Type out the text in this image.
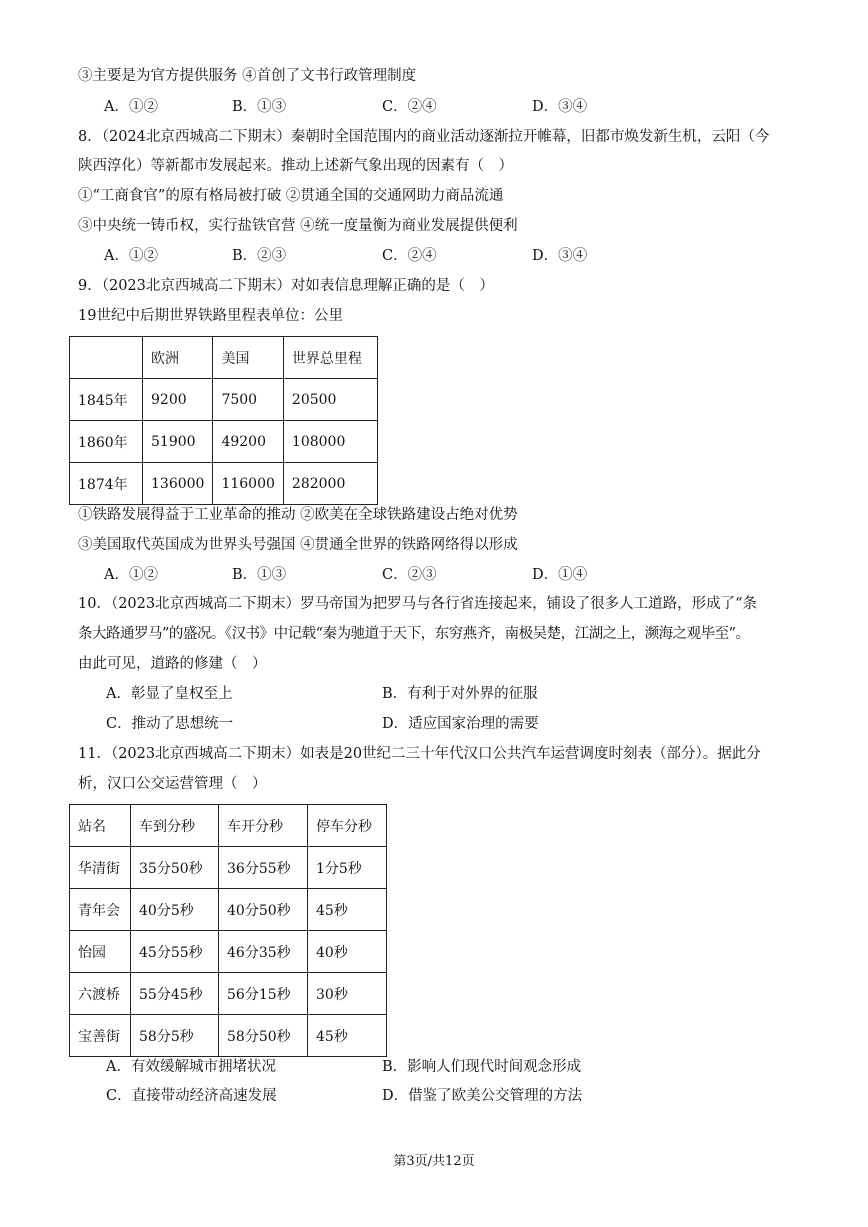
③主要是为官方提供服务 ④首创了文书行政管理制度
A．①②	B．①③	C．②④	D．③④
8．（2024北京西城高二下期末）秦朝时全国范围内的商业活动逐渐拉开帷幕，旧都市焕发新生机，云阳（今
陕西淳化）等新都市发展起来。推动上述新气象出现的因素有（　）
①“工商食官”的原有格局被打破 ②贯通全国的交通网助力商品流通
③中央统一铸币权，实行盐铁官营 ④统一度量衡为商业发展提供便利
A．①②	B．②③	C．②④	D．③④
9．（2023北京西城高二下期末）对如表信息理解正确的是（　）
19世纪中后期世界铁路里程表单位：公里
	欧洲	美国	世界总里程
1845年	9200	7500	20500
1860年	51900	49200	108000
1874年	136000	116000	282000
①铁路发展得益于工业革命的推动 ②欧美在全球铁路建设占绝对优势
③美国取代英国成为世界头号强国 ④贯通全世界的铁路网络得以形成
A．①②	B．①③	C．②③	D．①④
10．（2023北京西城高二下期末）罗马帝国为把罗马与各行省连接起来，铺设了很多人工道路，形成了“条
条大路通罗马”的盛况。《汉书》中记载“秦为驰道于天下，东穷燕齐，南极吴楚，江湖之上，濒海之观毕至”。
由此可见，道路的修建（　）
A．彰显了皇权至上	B．有利于对外界的征服
C．推动了思想统一	D．适应国家治理的需要
11．（2023北京西城高二下期末）如表是20世纪二三十年代汉口公共汽车运营调度时刻表（部分）。据此分
析，汉口公交运营管理（　）
站名	车到分秒	车开分秒	停车分秒
华清街	35分50秒	36分55秒	1分5秒
青年会	40分5秒	40分50秒	45秒
怡园	45分55秒	46分35秒	40秒
六渡桥	55分45秒	56分15秒	30秒
宝善街	58分5秒	58分50秒	45秒
A．有效缓解城市拥堵状况	B．影响人们现代时间观念形成
C．直接带动经济高速发展	D．借鉴了欧美公交管理的方法
第3页/共12页
